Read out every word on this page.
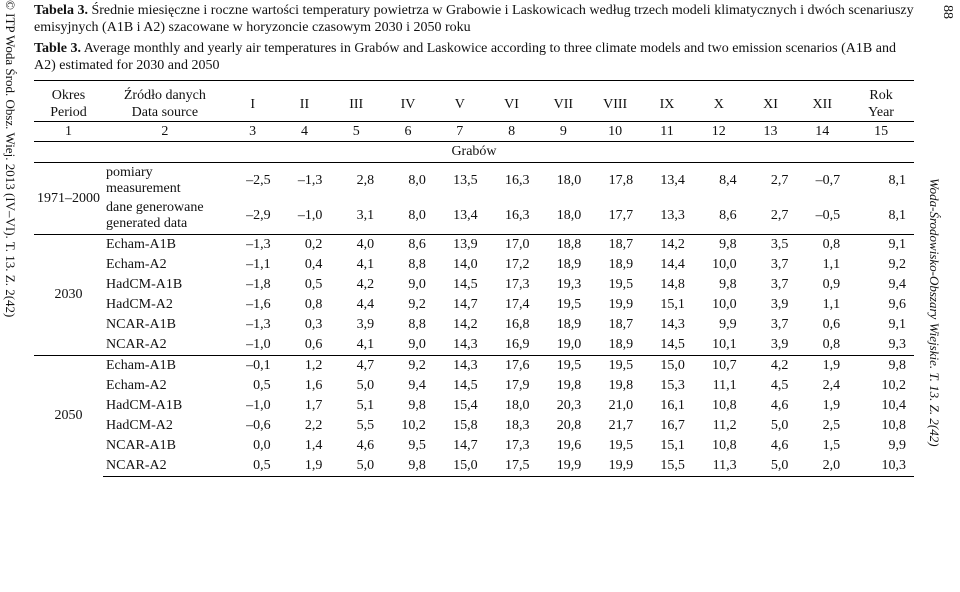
© ITP Woda Środ. Obsz. Wiej. 2013 (IV–VI). T. 13. Z. 2(42)	88
Woda-Środowisko-Obszary Wiejskie. T. 13. Z. 2(42)

Tabela 3. Średnie miesięczne i roczne wartości temperatury powietrza w Grabowie i Laskowicach według trzech modeli klimatycznych i dwóch scenariuszy emisyjnych (A1B i A2) szacowane w horyzoncie czasowym 2030 i 2050 roku

Table 3. Average monthly and yearly air temperatures in Grabów and Laskowice according to three climate models and two emission scenarios (A1B and A2) estimated for 2030 and 2050

Okres
Period	Źródło danych
Data source	I	II	III	IV	V	VI	VII	VIII	IX	X	XI	XII	Rok
Year
1	2	3	4	5	6	7	8	9	10	11	12	13	14	15
Grabów														
1971–2000	pomiary
measurement	–2,5	–1,3	2,8	8,0	13,5	16,3	18,0	17,8	13,4	8,4	2,7	–0,7	8,1

	dane generowane
generated data	–2,9	–1,0	3,1	8,0	13,4	16,3	18,0	17,7	13,3	8,6	2,7	–0,5	8,1
2030	Echam-A1B	–1,3	0,2	4,0	8,6	13,9	17,0	18,8	18,7	14,2	9,8	3,5	0,8	9,1
	Echam-A2	–1,1	0,4	4,1	8,8	14,0	17,2	18,9	18,9	14,4	10,0	3,7	1,1	9,2
	HadCM-A1B	–1,8	0,5	4,2	9,0	14,5	17,3	19,3	19,5	14,8	9,8	3,7	0,9	9,4
	HadCM-A2	–1,6	0,8	4,4	9,2	14,7	17,4	19,5	19,9	15,1	10,0	3,9	1,1	9,6
	NCAR-A1B	–1,3	0,3	3,9	8,8	14,2	16,8	18,9	18,7	14,3	9,9	3,7	0,6	9,1
	NCAR-A2	–1,0	0,6	4,1	9,0	14,3	16,9	19,0	18,9	14,5	10,1	3,9	0,8	9,3
2050	Echam-A1B	–0,1	1,2	4,7	9,2	14,3	17,6	19,5	19,5	15,0	10,7	4,2	1,9	9,8
	Echam-A2	0,5	1,6	5,0	9,4	14,5	17,9	19,8	19,8	15,3	11,1	4,5	2,4	10,2
	HadCM-A1B	–1,0	1,7	5,1	9,8	15,4	18,0	20,3	21,0	16,1	10,8	4,6	1,9	10,4
	HadCM-A2	–0,6	2,2	5,5	10,2	15,8	18,3	20,8	21,7	16,7	11,2	5,0	2,5	10,8
	NCAR-A1B	0,0	1,4	4,6	9,5	14,7	17,3	19,6	19,5	15,1	10,8	4,6	1,5	9,9
	NCAR-A2	0,5	1,9	5,0	9,8	15,0	17,5	19,9	19,9	15,5	11,3	5,0	2,0	10,3
